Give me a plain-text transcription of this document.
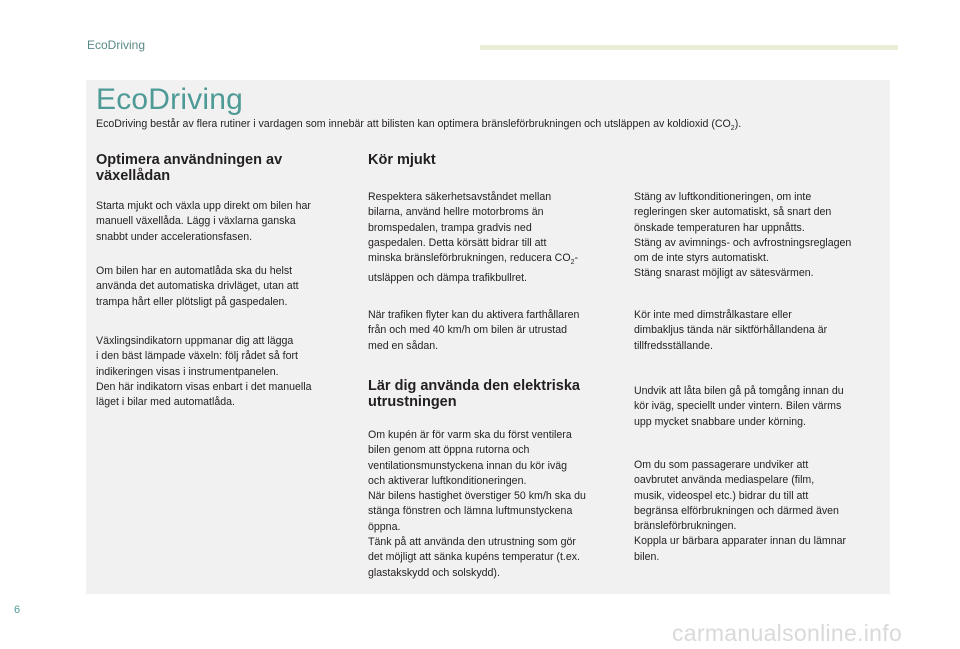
EcoDriving
EcoDriving
EcoDriving består av flera rutiner i vardagen som innebär att bilisten kan optimera bränsleförbrukningen och utsläppen av koldioxid $(CO_2)$.
Optimera användningen av växellådan
Starta mjukt och växla upp direkt om bilen har
manuell växellåda. Lägg i växlarna ganska
snabbt under accelerationsfasen.
Om bilen har en automatlåda ska du helst
använda det automatiska drivläget, utan att
trampa hårt eller plötsligt på gaspedalen.
Växlingsindikatorn uppmanar dig att lägga
i den bäst lämpade växeln: följ rådet så fort
indikeringen visas i instrumentpanelen.
Den här indikatorn visas enbart i det manuella
läget i bilar med automatlåda.
Kör mjukt
Respektera säkerhetsavståndet mellan
bilarna, använd hellre motorbroms än
bromspedalen, trampa gradvis ned
gaspedalen. Detta körsätt bidrar till att
minska bränsleförbrukningen, reducera $CO_2-$
utsläppen och dämpa trafikbullret.
När trafiken flyter kan du aktivera farthållaren
från och med 40 km/h om bilen är utrustad
med en sådan.
Lär dig använda den elektriska utrustningen
Om kupén är för varm ska du först ventilera
bilen genom att öppna rutorna och
ventilationsmunstyckena innan du kör iväg
och aktiverar luftkonditioneringen.
När bilens hastighet överstiger 50 km/h ska du
stänga fönstren och lämna luftmunstyckena
öppna.
Tänk på att använda den utrustning som gör
det möjligt att sänka kupéns temperatur (t.ex.
glastakskydd och solskydd).
Stäng av luftkonditioneringen, om inte
regleringen sker automatiskt, så snart den
önskade temperaturen har uppnåtts.
Stäng av avimnings- och avfrostningsreglagen
om de inte styrs automatiskt.
Stäng snarast möjligt av sätesvärmen.
Kör inte med dimstrålkastare eller
dimbakljus tända när siktförhållandena är
tillfredsställande.
Undvik att låta bilen gå på tomgång innan du
kör iväg, speciellt under vintern. Bilen värms
upp mycket snabbare under körning.
Om du som passagerare undviker att
oavbrutet använda mediaspelare (film,
musik, videospel etc.) bidrar du till att
begränsa elförbrukningen och därmed även
bränsleförbrukningen.
Koppla ur bärbara apparater innan du lämnar
bilen.
6
carmanualsonline.info
